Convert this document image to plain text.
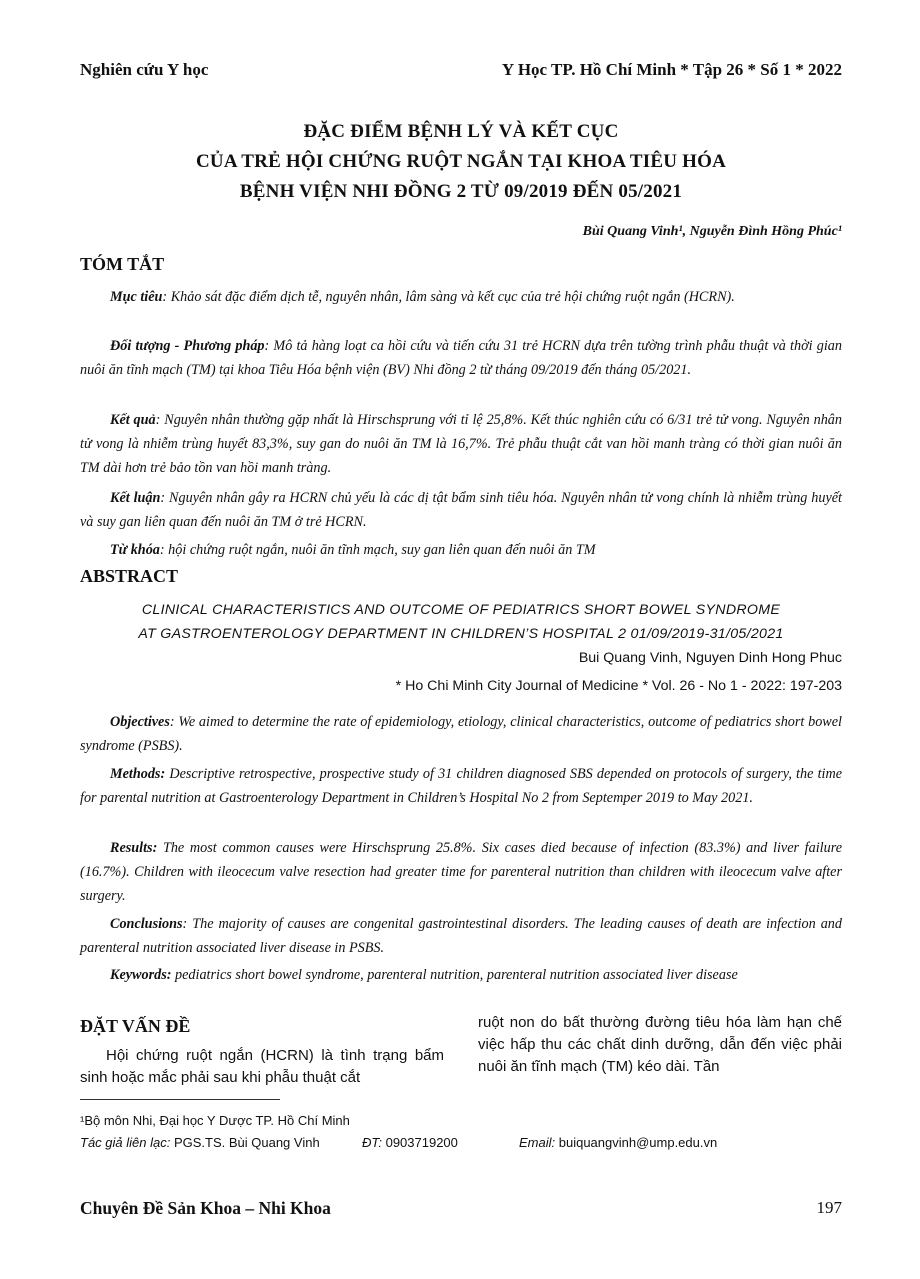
Nghiên cứu Y học	Y Học TP. Hồ Chí Minh * Tập 26 * Số 1 * 2022
ĐẶC ĐIỂM BỆNH LÝ VÀ KẾT CỤC
CỦA TRẺ HỘI CHỨNG RUỘT NGẮN TẠI KHOA TIÊU HÓA
BỆNH VIỆN NHI ĐỒNG 2 TỪ 09/2019 ĐẾN 05/2021
Bùi Quang Vinh¹, Nguyễn Đình Hồng Phúc¹
TÓM TẮT
Mục tiêu: Khảo sát đặc điểm dịch tễ, nguyên nhân, lâm sàng và kết cục của trẻ hội chứng ruột ngắn (HCRN).
Đối tượng - Phương pháp: Mô tả hàng loạt ca hồi cứu và tiến cứu 31 trẻ HCRN dựa trên tường trình phẫu thuật và thời gian nuôi ăn tĩnh mạch (TM) tại khoa Tiêu Hóa bệnh viện (BV) Nhi đồng 2 từ tháng 09/2019 đến tháng 05/2021.
Kết quả: Nguyên nhân thường gặp nhất là Hirschsprung với tỉ lệ 25,8%. Kết thúc nghiên cứu có 6/31 trẻ tử vong. Nguyên nhân tử vong là nhiễm trùng huyết 83,3%, suy gan do nuôi ăn TM là 16,7%. Trẻ phẫu thuật cắt van hồi manh tràng có thời gian nuôi ăn TM dài hơn trẻ bảo tồn van hồi manh tràng.
Kết luận: Nguyên nhân gây ra HCRN chủ yếu là các dị tật bẩm sinh tiêu hóa. Nguyên nhân tử vong chính là nhiễm trùng huyết và suy gan liên quan đến nuôi ăn TM ở trẻ HCRN.
Từ khóa: hội chứng ruột ngắn, nuôi ăn tĩnh mạch, suy gan liên quan đến nuôi ăn TM
ABSTRACT
CLINICAL CHARACTERISTICS AND OUTCOME OF PEDIATRICS SHORT BOWEL SYNDROME
AT GASTROENTEROLOGY DEPARTMENT IN CHILDREN’S HOSPITAL 2 01/09/2019-31/05/2021
Bui Quang Vinh, Nguyen Dinh Hong Phuc
* Ho Chi Minh City Journal of Medicine * Vol. 26 - No 1 - 2022: 197-203
Objectives: We aimed to determine the rate of epidemiology, etiology, clinical characteristics, outcome of pediatrics short bowel syndrome (PSBS).
Methods: Descriptive retrospective, prospective study of 31 children diagnosed SBS depended on protocols of surgery, the time for parental nutrition at Gastroenterology Department in Children’s Hospital No 2 from Septemper 2019 to May 2021.
Results: The most common causes were Hirschsprung 25.8%. Six cases died because of infection (83.3%) and liver failure (16.7%). Children with ileocecum valve resection had greater time for parenteral nutrition than children with ileocecum valve after surgery.
Conclusions: The majority of causes are congenital gastrointestinal disorders. The leading causes of death are infection and parenteral nutrition associated liver disease in PSBS.
Keywords: pediatrics short bowel syndrome, parenteral nutrition, parenteral nutrition associated liver disease
ĐẶT VẤN ĐỀ
Hội chứng ruột ngắn (HCRN) là tình trạng bẩm sinh hoặc mắc phải sau khi phẫu thuật cắt
ruột non do bất thường đường tiêu hóa làm hạn chế việc hấp thu các chất dinh dưỡng, dẫn đến việc phải nuôi ăn tĩnh mạch (TM) kéo dài. Tần
¹Bộ môn Nhi, Đại học Y Dược TP. Hồ Chí Minh
Tác giả liên lạc: PGS.TS. Bùi Quang Vinh	ĐT: 0903719200	Email: buiquangvinh@ump.edu.vn
Chuyên Đề Sản Khoa – Nhi Khoa	197
